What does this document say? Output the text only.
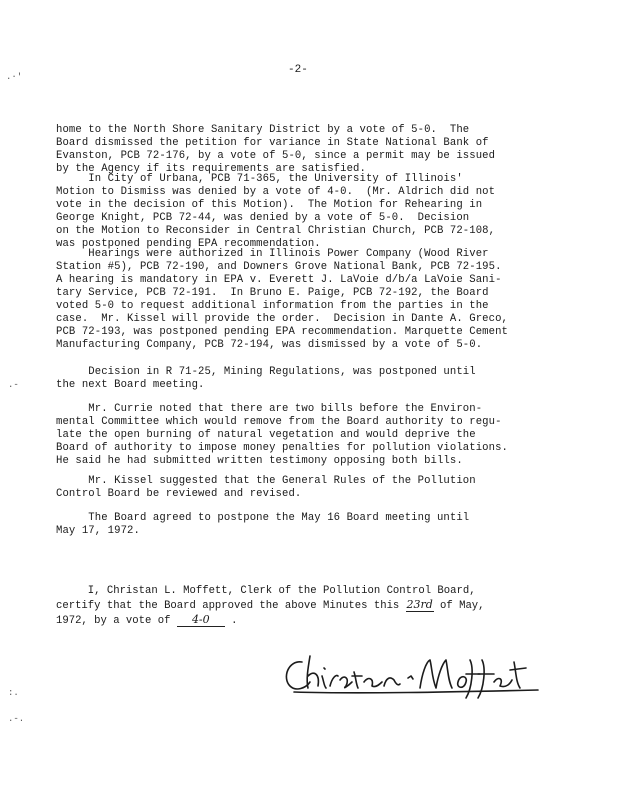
-2-

home to the North Shore Sanitary District by a vote of 5-0.  The
Board dismissed the petition for variance in State National Bank of
Evanston, PCB 72-176, by a vote of 5-0, since a permit may be issued
by the Agency if its requirements are satisfied.

In City of Urbana, PCB 71-365, the University of Illinois'
Motion to Dismiss was denied by a vote of 4-0.  (Mr. Aldrich did not
vote in the decision of this Motion).  The Motion for Rehearing in
George Knight, PCB 72-44, was denied by a vote of 5-0.  Decision
on the Motion to Reconsider in Central Christian Church, PCB 72-108,
was postponed pending EPA recommendation.

Hearings were authorized in Illinois Power Company (Wood River
Station #5), PCB 72-190, and Downers Grove National Bank, PCB 72-195.
A hearing is mandatory in EPA v. Everett J. LaVoie d/b/a LaVoie Sani-
tary Service, PCB 72-191.  In Bruno E. Paige, PCB 72-192, the Board
voted 5-0 to request additional information from the parties in the
case.  Mr. Kissel will provide the order.  Decision in Dante A. Greco,
PCB 72-193, was postponed pending EPA recommendation. Marquette Cement
Manufacturing Company, PCB 72-194, was dismissed by a vote of 5-0.

Decision in R 71-25, Mining Regulations, was postponed until
the next Board meeting.

Mr. Currie noted that there are two bills before the Environ-
mental Committee which would remove from the Board authority to regu-
late the open burning of natural vegetation and would deprive the
Board of authority to impose money penalties for pollution violations.
He said he had submitted written testimony opposing both bills.

Mr. Kissel suggested that the General Rules of the Pollution
Control Board be reviewed and revised.

The Board agreed to postpone the May 16 Board meeting until
May 17, 1972.

I, Christan L. Moffett, Clerk of the Pollution Control Board,
certify that the Board approved the above Minutes this 23rd of May,
1972, by a vote of 4-0 .
.·'
.-
:.
.-.
